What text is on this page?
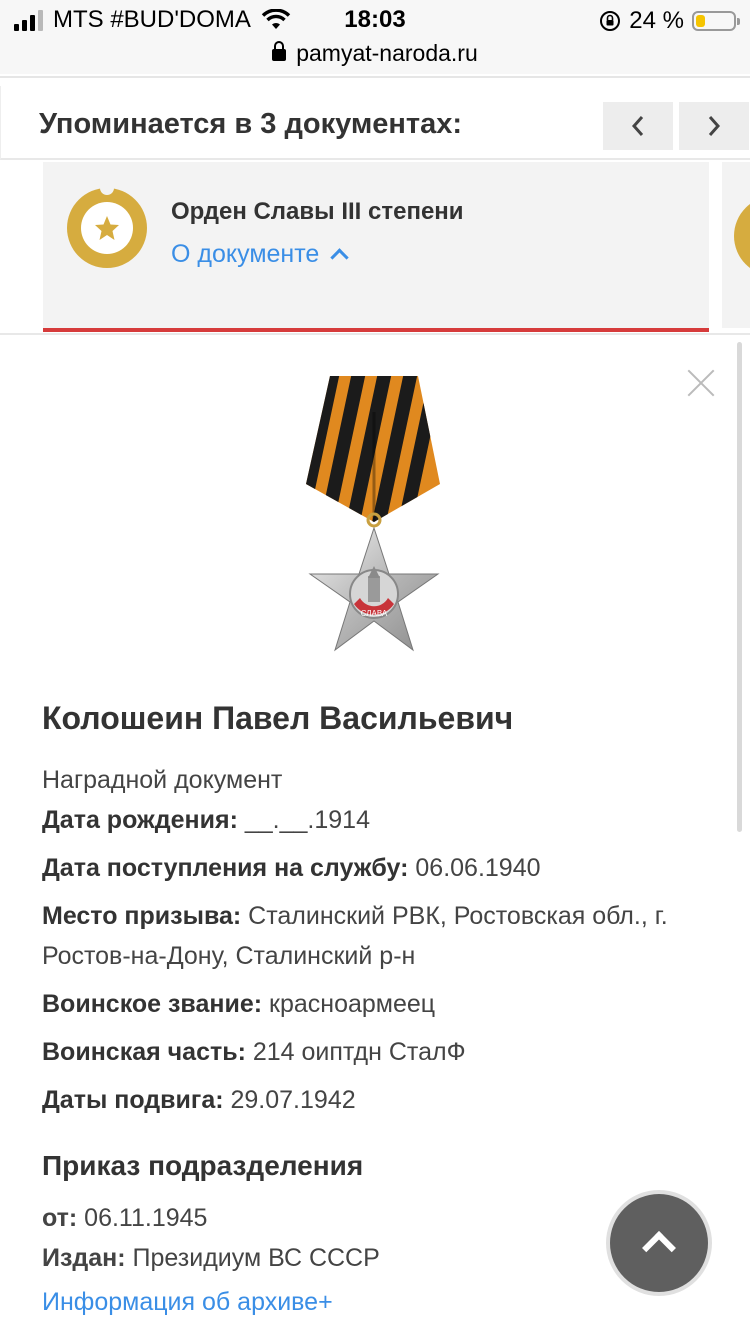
MTS #BUD'DOMA	18:03	24 %
pamyat-naroda.ru
Упоминается в 3 документах:
Орден Славы III степени
О документе
СЛАВА
Колошеин Павел Васильевич
Наградной документ
Дата рождения: __.__.1914
Дата поступления на службу: 06.06.1940
Место призыва: Сталинский РВК, Ростовская обл., г. Ростов-на-Дону, Сталинский р-н
Воинское звание: красноармеец
Воинская часть: 214 оиптдн СталФ
Даты подвига: 29.07.1942
Приказ подразделения
от: 06.11.1945
Издан: Президиум ВС СССР
Информация об архиве+
